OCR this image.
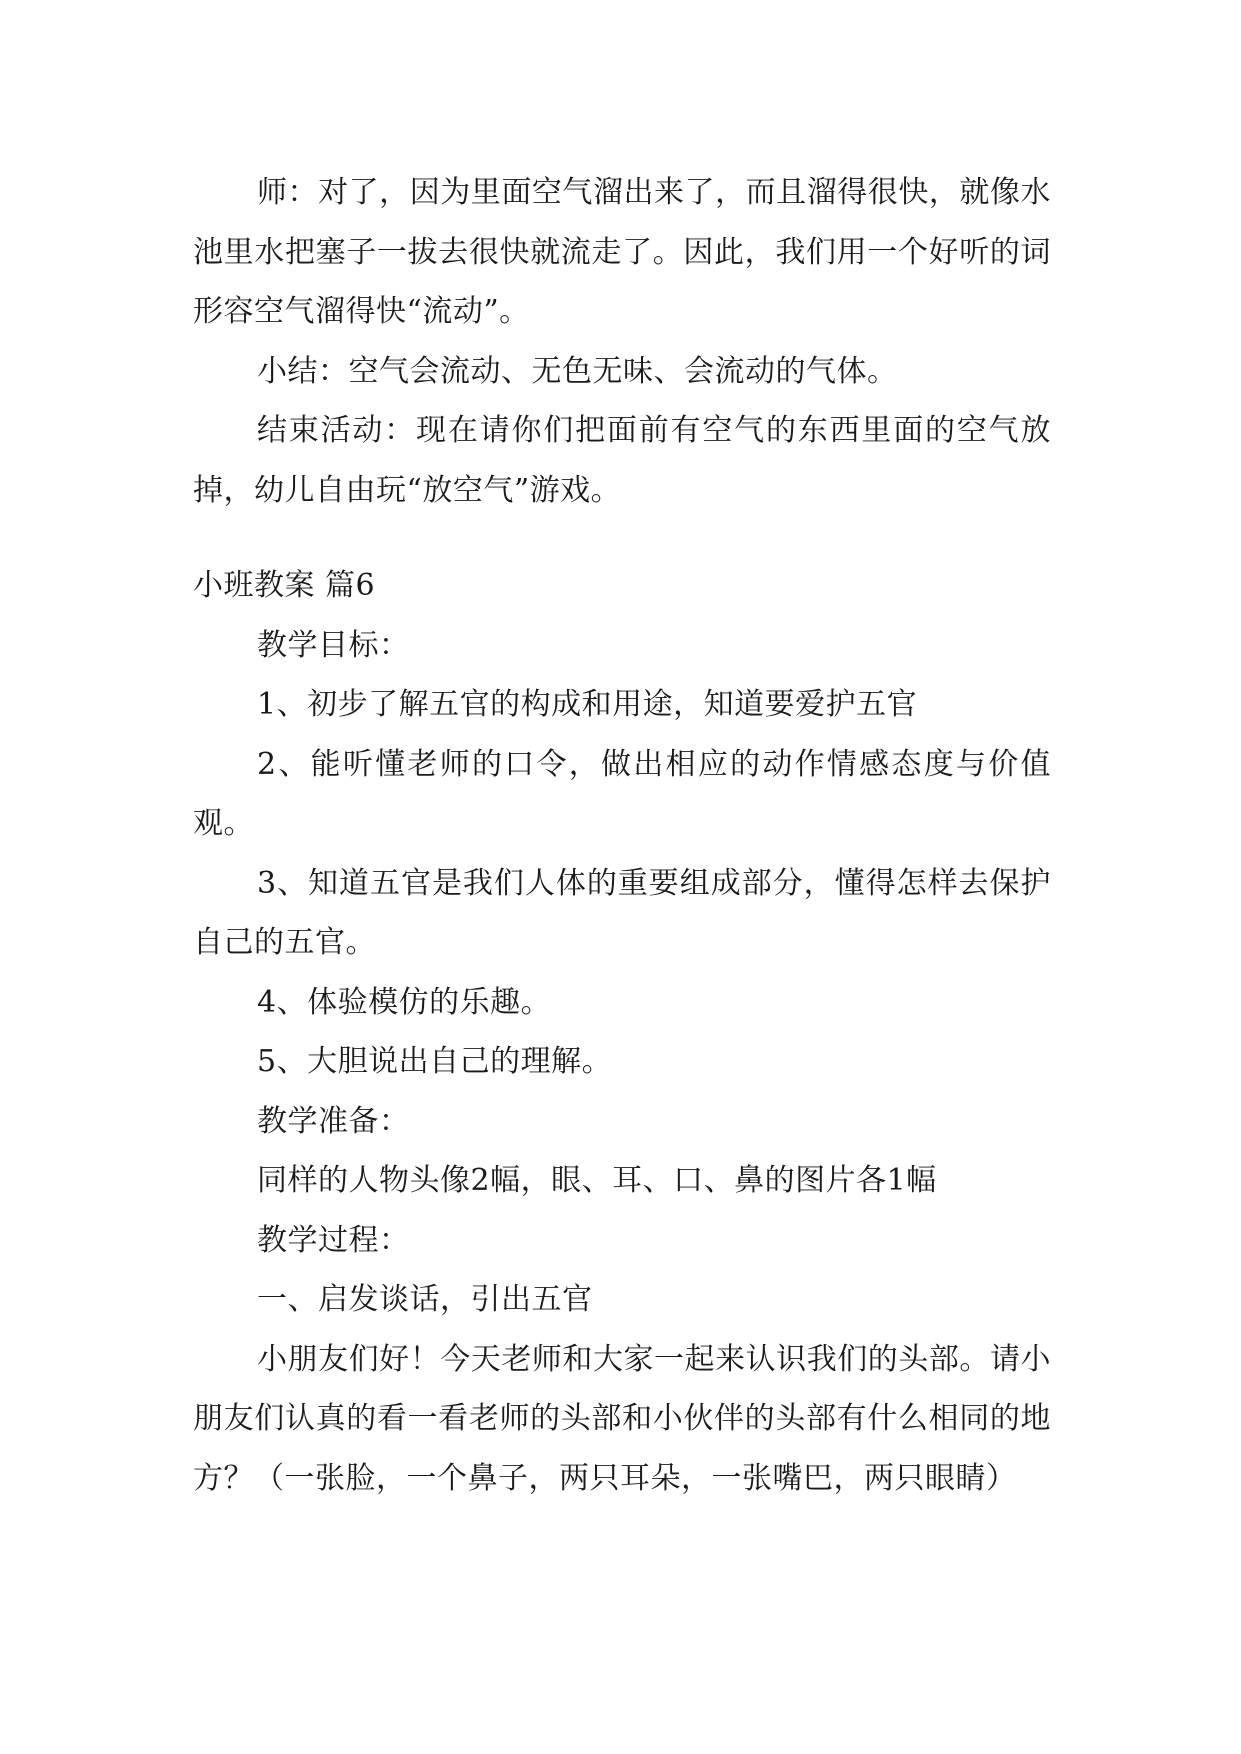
师：对了，因为里面空气溜出来了，而且溜得很快，就像水池里水把塞子一拔去很快就流走了。因此，我们用一个好听的词形容空气溜得快“流动”。

小结：空气会流动、无色无味、会流动的气体。

结束活动：现在请你们把面前有空气的东西里面的空气放掉，幼儿自由玩“放空气”游戏。

小班教案 篇6

教学目标：

1、初步了解五官的构成和用途，知道要爱护五官

2、能听懂老师的口令，做出相应的动作情感态度与价值观。

3、知道五官是我们人体的重要组成部分，懂得怎样去保护自己的五官。

4、体验模仿的乐趣。

5、大胆说出自己的理解。

教学准备：

同样的人物头像2幅，眼、耳、口、鼻的图片各1幅

教学过程：

一、启发谈话，引出五官

小朋友们好！今天老师和大家一起来认识我们的头部。请小朋友们认真的看一看老师的头部和小伙伴的头部有什么相同的地方？（一张脸，一个鼻子，两只耳朵，一张嘴巴，两只眼睛）
